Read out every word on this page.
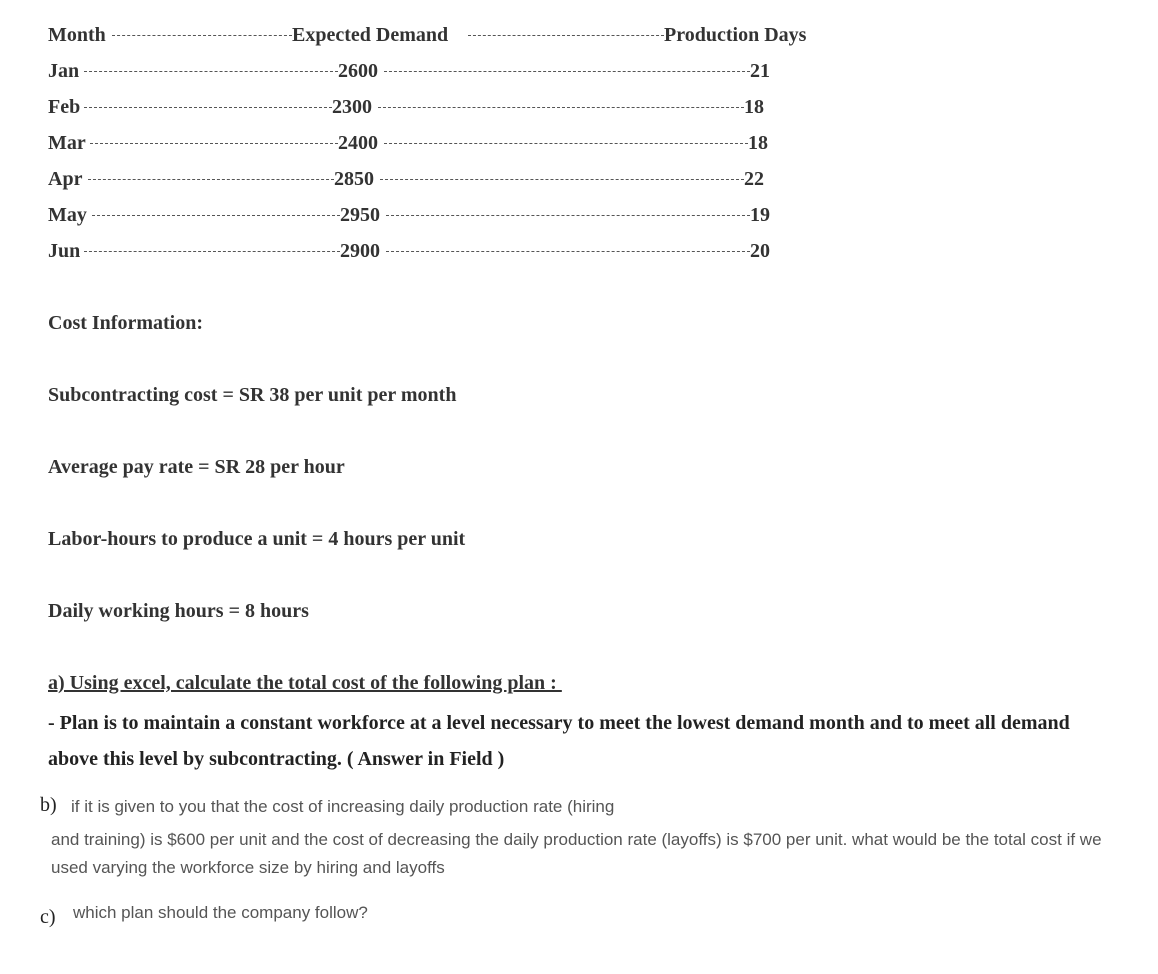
Month	Expected Demand	Production Days
Jan	2600	21
Feb	2300	18
Mar	2400	18
Apr	2850	22
May	2950	19
Jun	2900	20
Cost Information:
Subcontracting cost = SR 38 per unit per month
Average pay rate = SR 28 per hour
Labor-hours to produce a unit = 4 hours per unit
Daily working hours = 8 hours
a) Using excel, calculate the total cost of the following plan :
- Plan is to maintain a constant workforce at a level necessary to meet the lowest demand month and to meet all demand above this level by subcontracting. ( Answer in Field )
b) if it is given to you that the cost of increasing daily production rate (hiring
and training) is $600 per unit and the cost of decreasing the daily production rate (layoffs) is $700 per unit. what would be the total cost if we used varying the workforce size by hiring and layoffs
c) which plan should the company follow?
